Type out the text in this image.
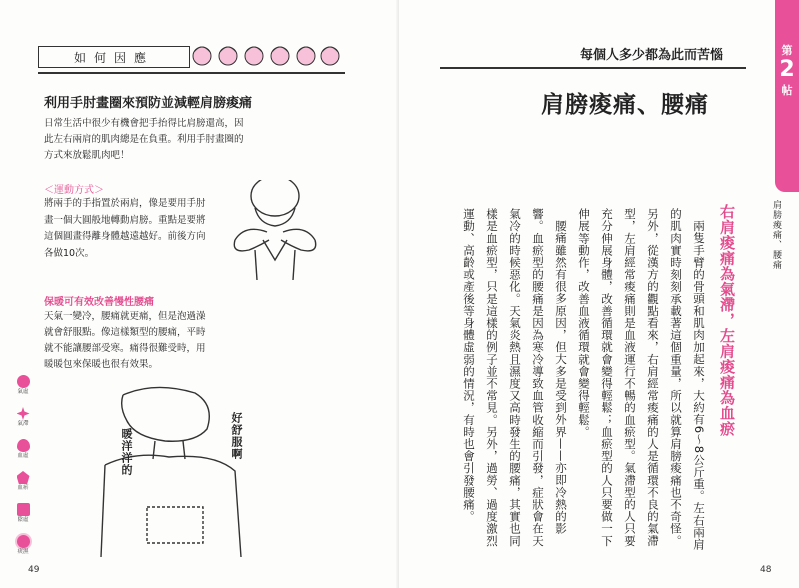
如何因應
利用手肘畫圈來預防並減輕肩膀痠痛
日常生活中很少有機會把手抬得比肩膀還高，因此左右兩肩的肌肉總是在負重。利用手肘畫圈的方式來放鬆肌肉吧！
＜運動方式＞
將兩手的手指置於兩肩，像是要用手肘畫一個大圓般地轉動肩膀。重點是要將這個圓畫得離身體越遠越好。前後方向各做10次。
保暖可有效改善慢性腰痛
天氣一變冷，腰痛就更痛，但是泡過澡就會舒服點。像這樣類型的腰痛，平時就不能讓腰部受寒。痛得很難受時，用暖暖包來保暖也很有效果。
好舒服啊
暖洋洋的
氣虛
氣滯
血虛
血瘀
陰虛
痰濕
49
每個人多少都為此而苦惱
肩膀痠痛、腰痛
第
2
帖
肩膀痠痛、腰痛
右肩痠痛為氣滯，左肩痠痛為血瘀

兩隻手臂的骨頭和肌肉加起來，大約有6～8公斤重。左右兩肩的肌肉實時刻刻承載著這個重量，所以就算肩膀痠痛也不奇怪。另外，從漢方的觀點看來，右肩經常痠痛的人是循環不良的氣滯型，左肩經常痠痛則是血液運行不暢的血瘀型。氣滯型的人只要充分伸展身體，改善循環就會變得輕鬆；血瘀型的人只要做一下伸展等動作，改善血液循環就會變得輕鬆。

腰痛雖然有很多原因，但大多是受到外界——亦即冷熱的影響。血瘀型的腰痛是因為寒冷導致血管收縮而引發，症狀會在天氣冷的時候惡化。天氣炎熱且濕度又高時發生的腰痛，其實也同樣是血瘀型，只是這樣的例子並不常見。另外，過勞、過度激烈運動、高齡或產後等身體虛弱的情況，有時也會引發腰痛。

48
